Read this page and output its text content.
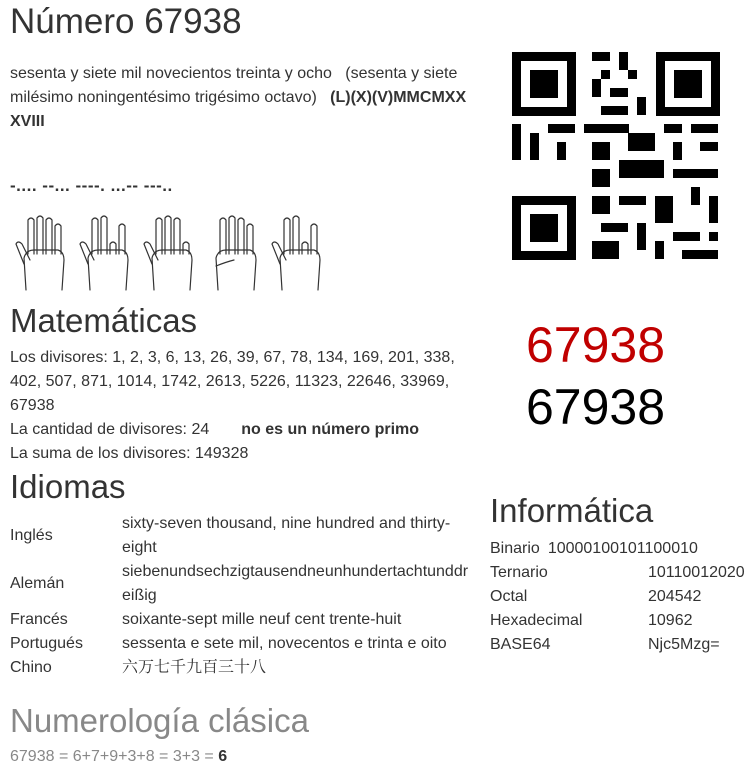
Número 67938
sesenta y siete mil novecientos treinta y ocho (sesenta y siete milésimo noningentésimo trigésimo octavo) (L)(X)(V)MMCMXX XVIII
-.... --... ----. ...-- ---..
Matemáticas
Los divisores: 1, 2, 3, 6, 13, 26, 39, 67, 78, 134, 169, 201, 338, 402, 507, 871, 1014, 1742, 2613, 5226, 11323, 22646, 33969, 67938
La cantidad de divisores: 24 no es un número primo
La suma de los divisores: 149328
67938
67938
Idiomas
Inglés	sixty-seven thousand, nine hundred and thirty-eight
Alemán	siebenundsechzigtausendneunhundertachtunddreißig
Francés	soixante-sept mille neuf cent trente-huit
Portugués	sessenta e sete mil, novecentos e trinta e oito
Chino	六万七千九百三十八
Informática
Binario 10000100101100010
Ternario	10110012020
Octal	204542
Hexadecimal	10962
BASE64	Njc5Mzg=
Numerología clásica
67938 = 6+7+9+3+8 = 3+3 = 6
